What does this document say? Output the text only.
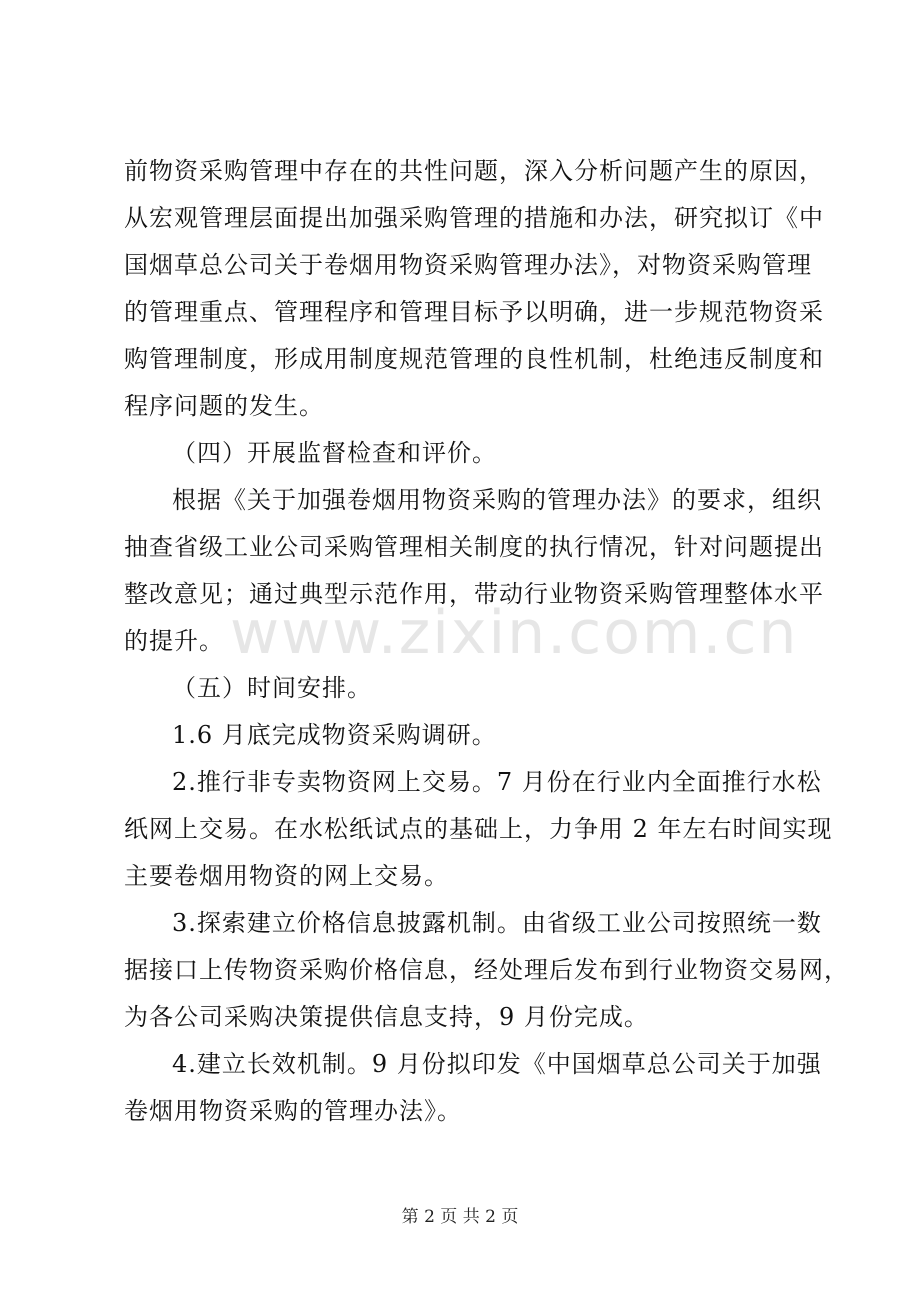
www.zixin.com.cn
前物资采购管理中存在的共性问题，深入分析问题产生的原因，
从宏观管理层面提出加强采购管理的措施和办法，研究拟订《中
国烟草总公司关于卷烟用物资采购管理办法》，对物资采购管理
的管理重点、管理程序和管理目标予以明确，进一步规范物资采
购管理制度，形成用制度规范管理的良性机制，杜绝违反制度和
程序问题的发生。
（四）开展监督检查和评价。
根据《关于加强卷烟用物资采购的管理办法》的要求，组织
抽查省级工业公司采购管理相关制度的执行情况，针对问题提出
整改意见；通过典型示范作用，带动行业物资采购管理整体水平
的提升。
（五）时间安排。
1.6 月底完成物资采购调研。
2.推行非专卖物资网上交易。7 月份在行业内全面推行水松
纸网上交易。在水松纸试点的基础上，力争用 2 年左右时间实现
主要卷烟用物资的网上交易。
3.探索建立价格信息披露机制。由省级工业公司按照统一数
据接口上传物资采购价格信息，经处理后发布到行业物资交易网，
为各公司采购决策提供信息支持，9 月份完成。
4.建立长效机制。9 月份拟印发《中国烟草总公司关于加强
卷烟用物资采购的管理办法》。
第 2 页 共 2 页
